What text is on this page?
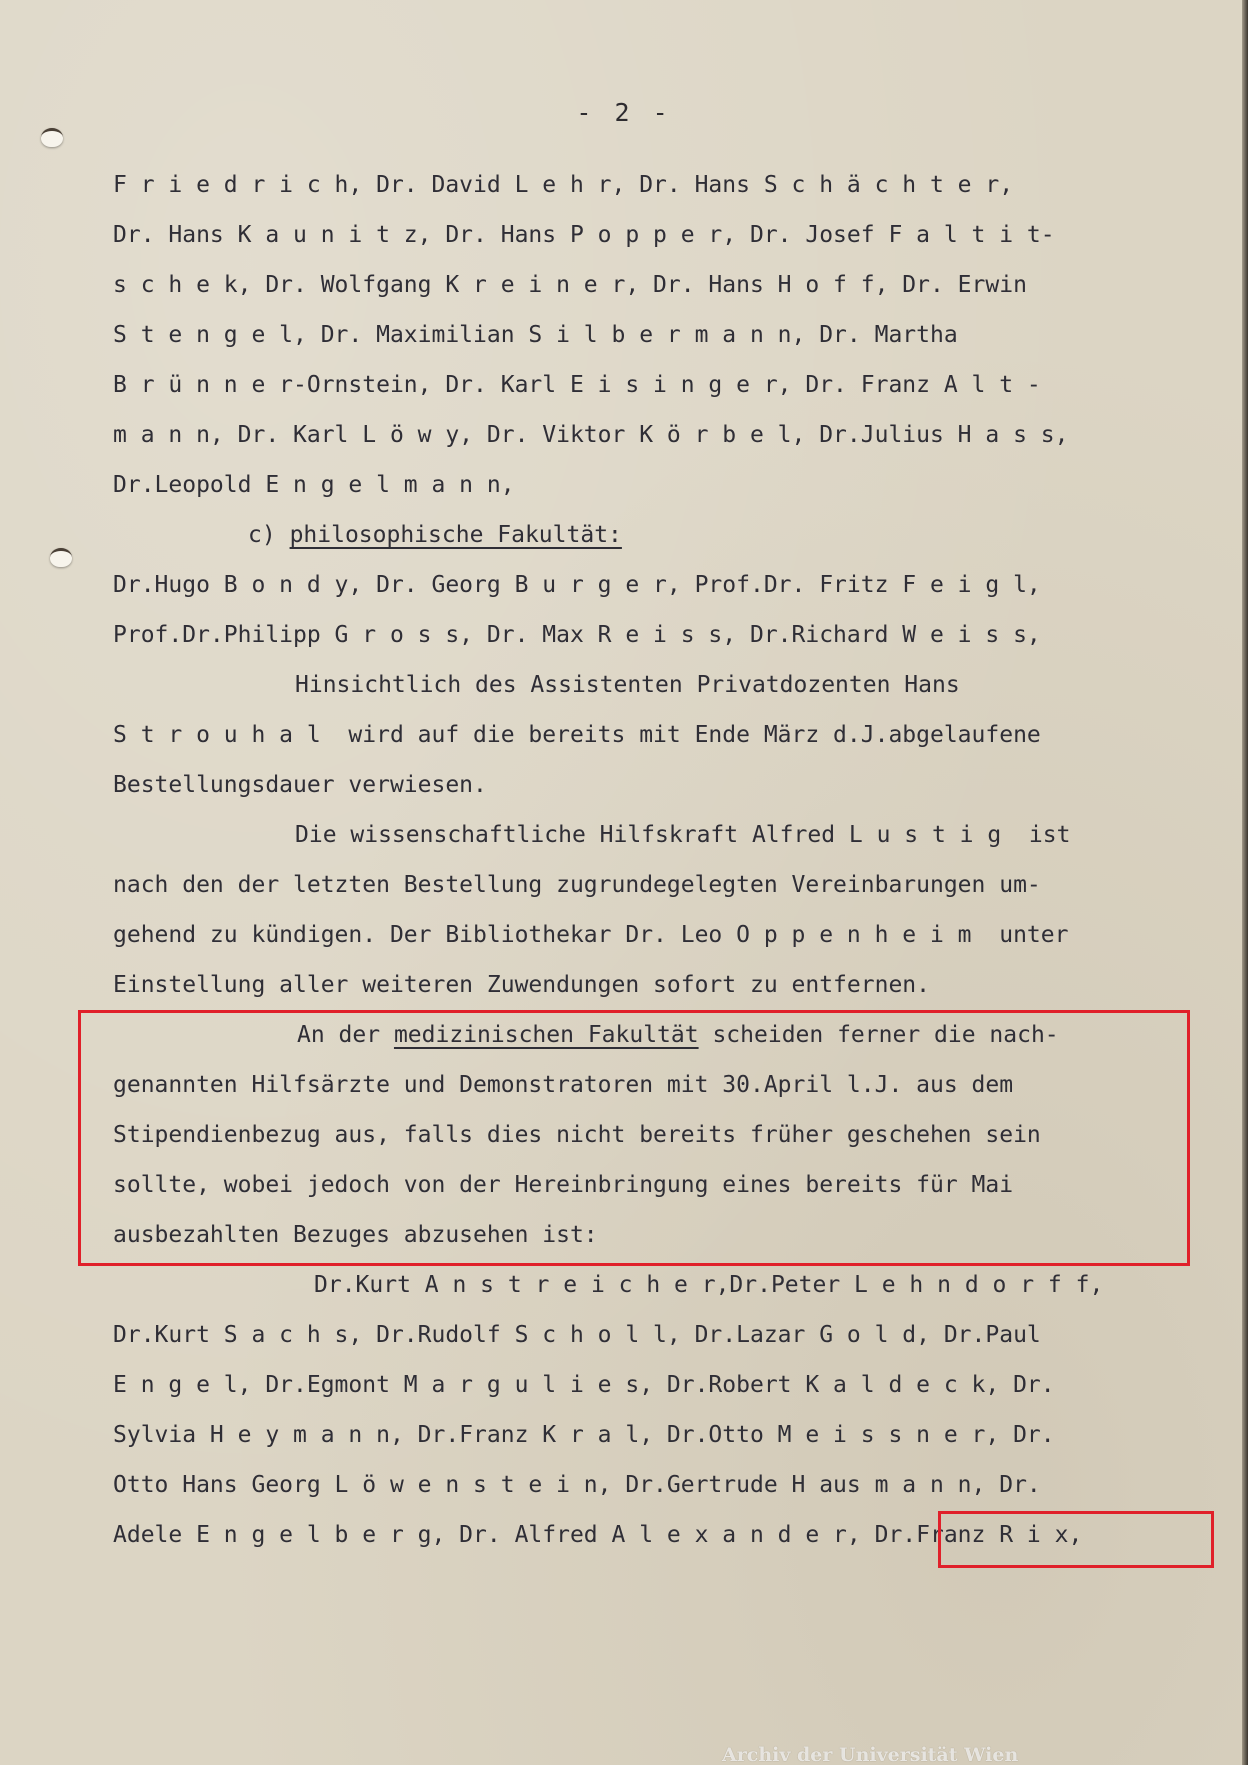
- 2 -
F r i e d r i c h, Dr. David L e h r, Dr. Hans S c h ä c h t e r,
Dr. Hans K a u n i t z, Dr. Hans P o p p e r, Dr. Josef F a l t i t-
s c h e k, Dr. Wolfgang K r e i n e r, Dr. Hans H o f f, Dr. Erwin
S t e n g e l, Dr. Maximilian S i l b e r m a n n, Dr. Martha
B r ü n n e r-Ornstein, Dr. Karl E i s i n g e r, Dr. Franz A l t -
m a n n, Dr. Karl L ö w y, Dr. Viktor K ö r b e l, Dr.Julius H a s s,
Dr.Leopold E n g e l m a n n,
c) philosophische Fakultät:
Dr.Hugo B o n d y, Dr. Georg B u r g e r, Prof.Dr. Fritz F e i g l,
Prof.Dr.Philipp G r o s s, Dr. Max R e i s s, Dr.Richard W e i s s,
Hinsichtlich des Assistenten Privatdozenten Hans
S t r o u h a l  wird auf die bereits mit Ende März d.J.abgelaufene
Bestellungsdauer verwiesen.
Die wissenschaftliche Hilfskraft Alfred L u s t i g  ist
nach den der letzten Bestellung zugrundegelegten Vereinbarungen um-
gehend zu kündigen. Der Bibliothekar Dr. Leo O p p e n h e i m  unter
Einstellung aller weiteren Zuwendungen sofort zu entfernen.
An der medizinischen Fakultät scheiden ferner die nach-
genannten Hilfsärzte und Demonstratoren mit 30.April l.J. aus dem
Stipendienbezug aus, falls dies nicht bereits früher geschehen sein
sollte, wobei jedoch von der Hereinbringung eines bereits für Mai
ausbezahlten Bezuges abzusehen ist:
Dr.Kurt A n s t r e i c h e r,Dr.Peter L e h n d o r f f,
Dr.Kurt S a c h s, Dr.Rudolf S c h o l l, Dr.Lazar G o l d, Dr.Paul
E n g e l, Dr.Egmont M a r g u l i e s, Dr.Robert K a l d e c k, Dr.
Sylvia H e y m a n n, Dr.Franz K r a l, Dr.Otto M e i s s n e r, Dr.
Otto Hans Georg L ö w e n s t e i n, Dr.Gertrude H aus m a n n, Dr.
Adele E n g e l b e r g, Dr. Alfred A l e x a n d e r, Dr.Franz R i x,
Archiv der Universität Wien
